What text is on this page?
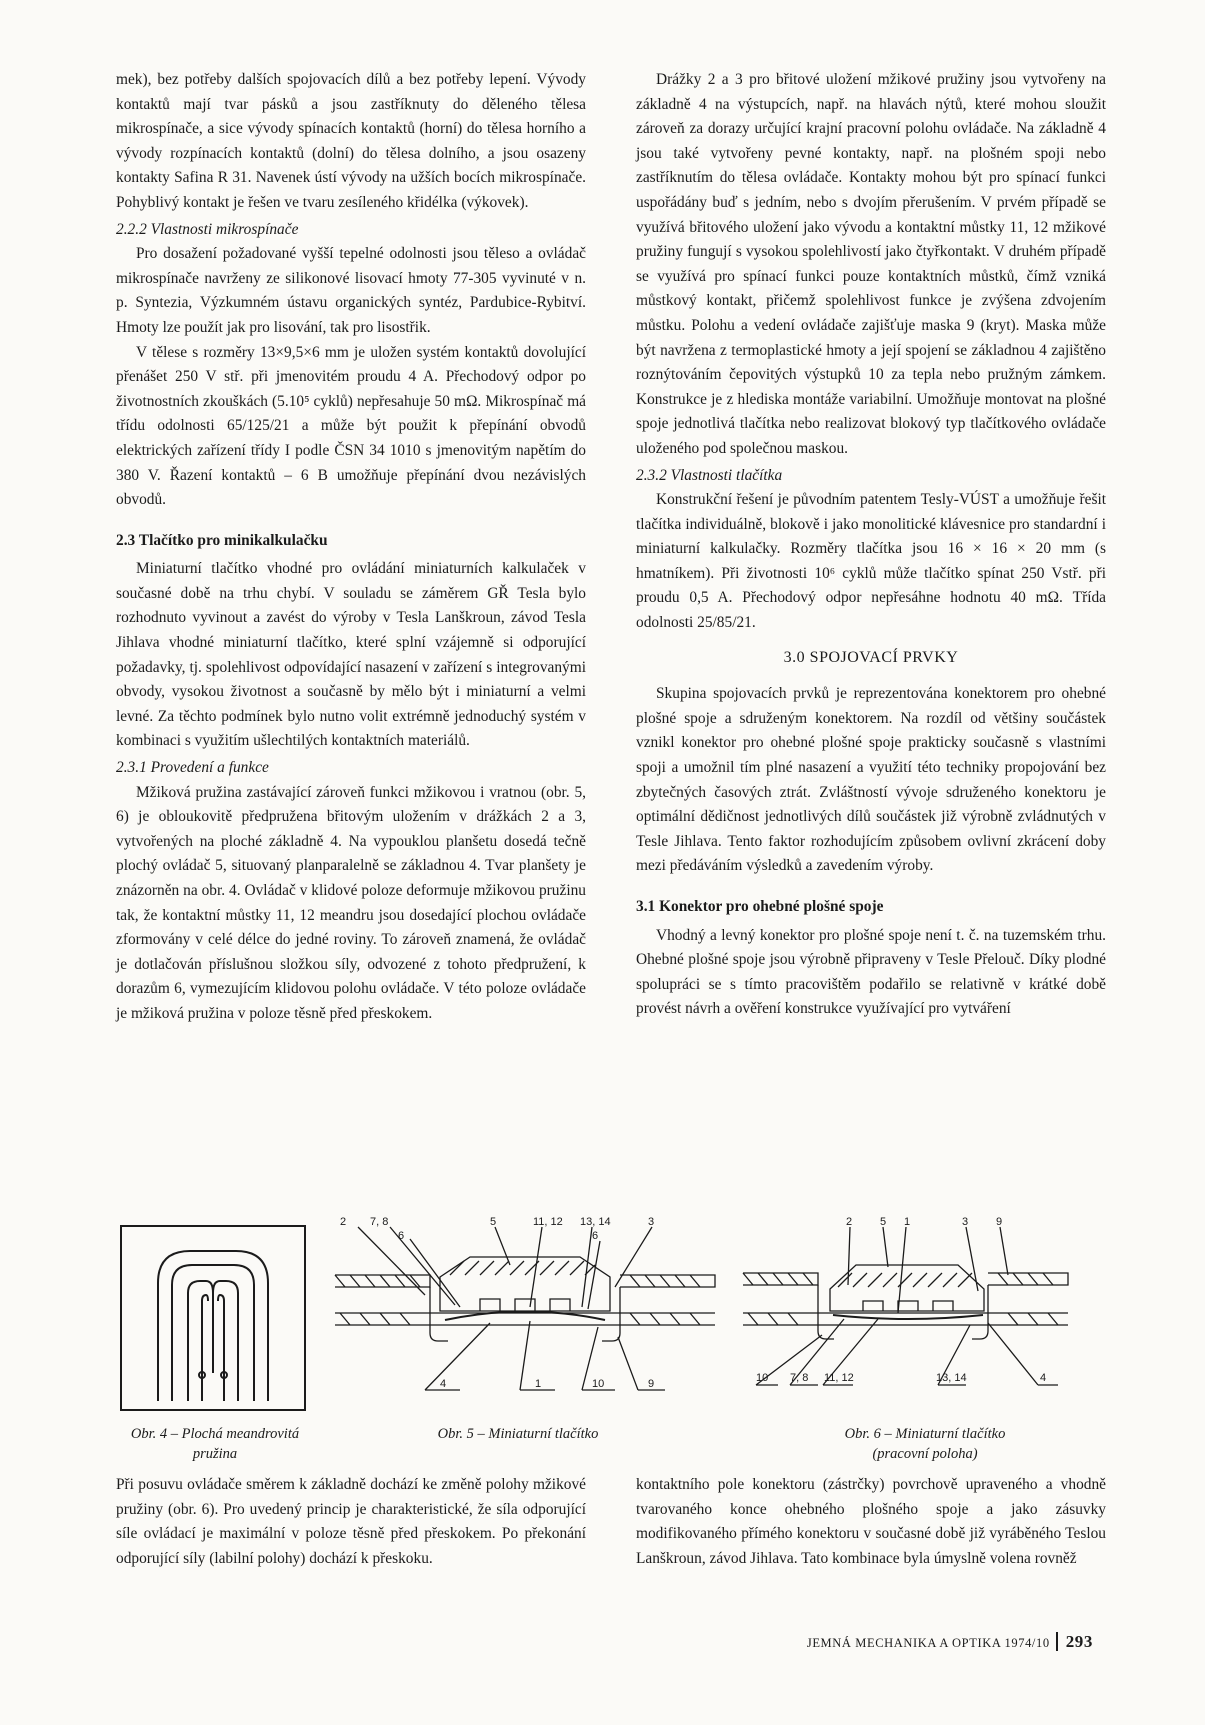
mek), bez potřeby dalších spojovacích dílů a bez potřeby lepení. Vývody kontaktů mají tvar pásků a jsou zastříknuty do děleného tělesa mikrospínače, a sice vývody spínacích kontaktů (horní) do tělesa horního a vývody rozpínacích kontaktů (dolní) do tělesa dolního, a jsou osazeny kontakty Safina R 31. Navenek ústí vývody na užších bocích mikrospínače. Pohyblivý kontakt je řešen ve tvaru zesíleného křidélka (výkovek).

2.2.2 Vlastnosti mikrospínače

Pro dosažení požadované vyšší tepelné odolnosti jsou těleso a ovládač mikrospínače navrženy ze silikonové lisovací hmoty 77-305 vyvinuté v n. p. Syntezia, Výzkumném ústavu organických syntéz, Pardubice-Rybitví. Hmoty lze použít jak pro lisování, tak pro lisostřik.

V tělese s rozměry 13×9,5×6 mm je uložen systém kontaktů dovolující přenášet 250 V stř. při jmenovitém proudu 4 A. Přechodový odpor po životnostních zkouškách (5.10⁵ cyklů) nepřesahuje 50 mΩ. Mikrospínač má třídu odolnosti 65/125/21 a může být použit k přepínání obvodů elektrických zařízení třídy I podle ČSN 34 1010 s jmenovitým napětím do 380 V. Řazení kontaktů – 6 B umožňuje přepínání dvou nezávislých obvodů.

2.3 Tlačítko pro minikalkulačku

Miniaturní tlačítko vhodné pro ovládání miniaturních kalkulaček v současné době na trhu chybí. V souladu se záměrem GŘ Tesla bylo rozhodnuto vyvinout a zavést do výroby v Tesla Lanškroun, závod Tesla Jihlava vhodné miniaturní tlačítko, které splní vzájemně si odporující požadavky, tj. spolehlivost odpovídající nasazení v zařízení s integrovanými obvody, vysokou životnost a současně by mělo být i miniaturní a velmi levné. Za těchto podmínek bylo nutno volit extrémně jednoduchý systém v kombinaci s využitím ušlechtilých kontaktních materiálů.

2.3.1 Provedení a funkce

Mžiková pružina zastávající zároveň funkci mžikovou i vratnou (obr. 5, 6) je obloukovitě předpružena břitovým uložením v drážkách 2 a 3, vytvořených na ploché základně 4. Na vypouklou planšetu dosedá tečně plochý ovládač 5, situovaný planparalelně se základnou 4. Tvar planšety je znázorněn na obr. 4. Ovládač v klidové poloze deformuje mžikovou pružinu tak, že kontaktní můstky 11, 12 meandru jsou dosedající plochou ovládače zformovány v celé délce do jedné roviny. To zároveň znamená, že ovládač je dotlačován příslušnou složkou síly, odvozené z tohoto předpružení, k dorazům 6, vymezujícím klidovou polohu ovládače. V této poloze ovládače je mžiková pružina v poloze těsně před přeskokem.

Drážky 2 a 3 pro břitové uložení mžikové pružiny jsou vytvořeny na základně 4 na výstupcích, např. na hlavách nýtů, které mohou sloužit zároveň za dorazy určující krajní pracovní polohu ovládače. Na základně 4 jsou také vytvořeny pevné kontakty, např. na plošném spoji nebo zastříknutím do tělesa ovládače. Kontakty mohou být pro spínací funkci uspořádány buď s jedním, nebo s dvojím přerušením. V prvém případě se využívá břitového uložení jako vývodu a kontaktní můstky 11, 12 mžikové pružiny fungují s vysokou spolehlivostí jako čtyřkontakt. V druhém případě se využívá pro spínací funkci pouze kontaktních můstků, čímž vzniká můstkový kontakt, přičemž spolehlivost funkce je zvýšena zdvojením můstku. Polohu a vedení ovládače zajišťuje maska 9 (kryt). Maska může být navržena z termoplastické hmoty a její spojení se základnou 4 zajištěno roznýtováním čepovitých výstupků 10 za tepla nebo pružným zámkem. Konstrukce je z hlediska montáže variabilní. Umožňuje montovat na plošné spoje jednotlivá tlačítka nebo realizovat blokový typ tlačítkového ovládače uloženého pod společnou maskou.

2.3.2 Vlastnosti tlačítka

Konstrukční řešení je původním patentem Tesly-VÚST a umožňuje řešit tlačítka individuálně, blokově i jako monolitické klávesnice pro standardní i miniaturní kalkulačky. Rozměry tlačítka jsou 16 × 16 × 20 mm (s hmatníkem). Při životnosti 10⁶ cyklů může tlačítko spínat 250 Vstř. při proudu 0,5 A. Přechodový odpor nepřesáhne hodnotu 40 mΩ. Třída odolnosti 25/85/21.

3.0 SPOJOVACÍ PRVKY

Skupina spojovacích prvků je reprezentována konektorem pro ohebné plošné spoje a sdruženým konektorem. Na rozdíl od většiny součástek vznikl konektor pro ohebné plošné spoje prakticky současně s vlastními spoji a umožnil tím plné nasazení a využití této techniky propojování bez zbytečných časových ztrát. Zvláštností vývoje sdruženého konektoru je optimální dědičnost jednotlivých dílů součástek již výrobně zvládnutých v Tesle Jihlava. Tento faktor rozhodujícím způsobem ovlivní zkrácení doby mezi předáváním výsledků a zavedením výroby.

3.1 Konektor pro ohebné plošné spoje

Vhodný a levný konektor pro plošné spoje není t. č. na tuzemském trhu. Ohebné plošné spoje jsou výrobně připraveny v Tesle Přelouč. Díky plodné spolupráci se s tímto pracovištěm podařilo se relativně v krátké době provést návrh a ověření konstrukce využívající pro vytváření

Obr. 4 – Plochá meandrovitá pružina
2 7, 8
6
5	11, 12 13, 14	3
6
4	1	10	9
Obr. 5 – Miniaturní tlačítko
2	5 1	3	9
10 7, 8 11, 12	13, 14	4
Obr. 6 – Miniaturní tlačítko (pracovní poloha)

Při posuvu ovládače směrem k základně dochází ke změně polohy mžikové pružiny (obr. 6). Pro uvedený princip je charakteristické, že síla odporující síle ovládací je maximální v poloze těsně před přeskokem. Po překonání odporující síly (labilní polohy) dochází k přeskoku.

kontaktního pole konektoru (zástrčky) povrchově upraveného a vhodně tvarovaného konce ohebného plošného spoje a jako zásuvky modifikovaného přímého konektoru v současné době již vyráběného Teslou Lanškroun, závod Jihlava. Tato kombinace byla úmyslně volena rovněž

JEMNÁ MECHANIKA A OPTIKA 1974/10 293
